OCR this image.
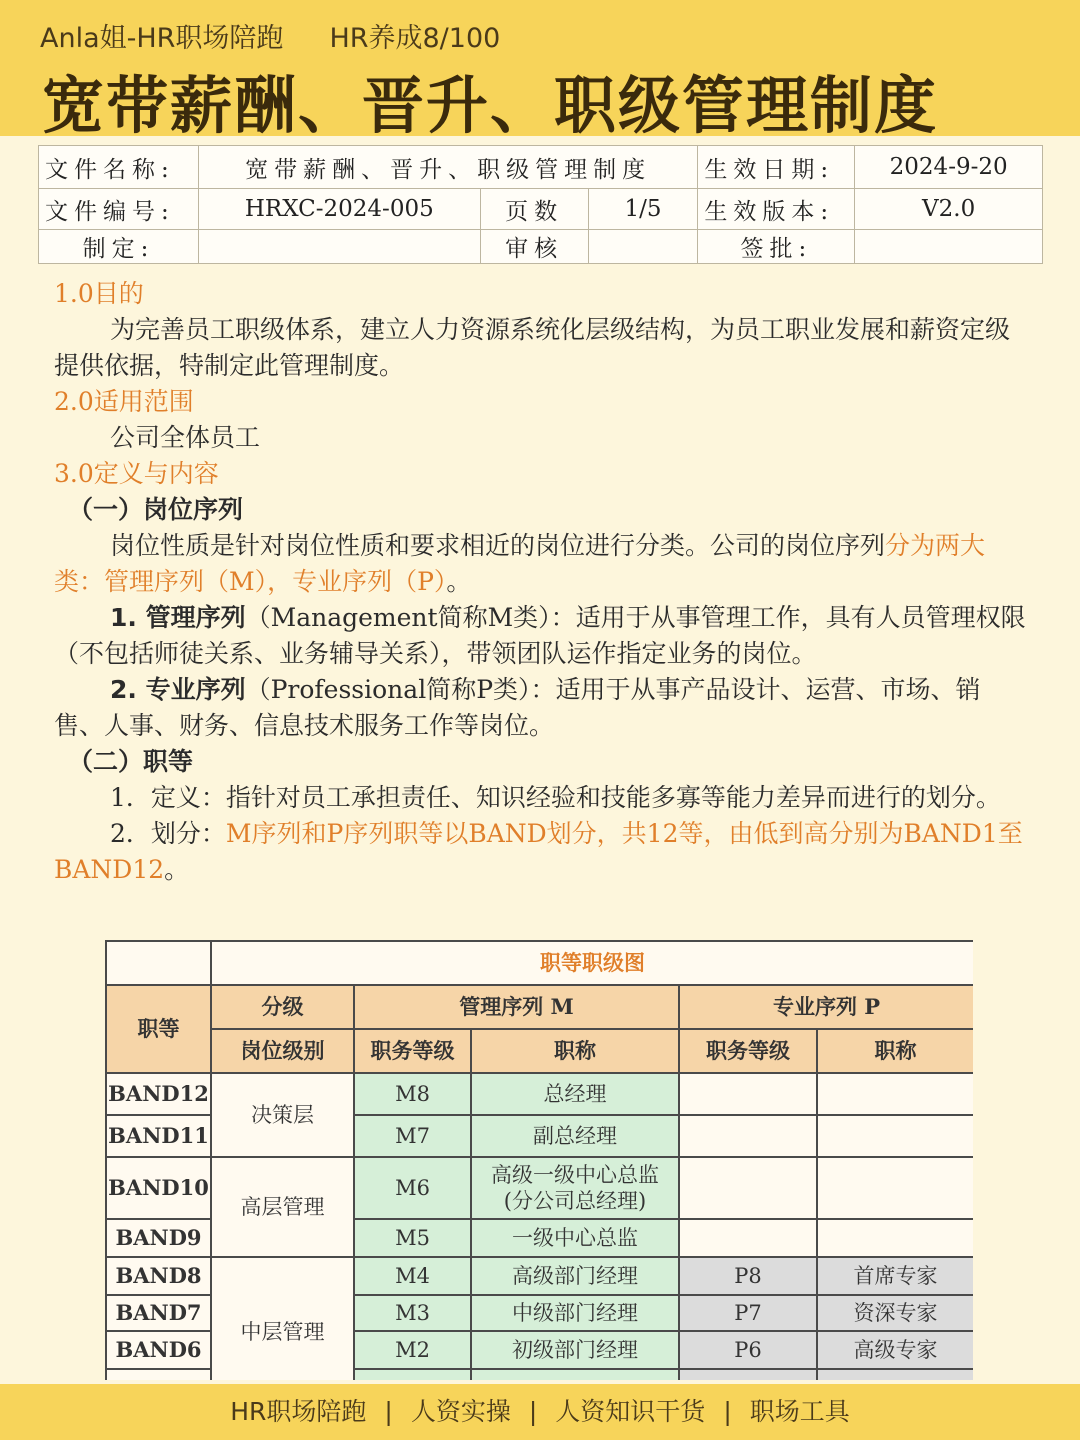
Anla姐-HR职场陪跑 HR养成8/100
宽带薪酬、晋升、职级管理制度
文件名称:	宽带薪酬、晋升、职级管理制度			生效日期:	2024-9-20
文件编号:	HRXC-2024-005	页数	1/5	生效版本:	V2.0
制定:		审核		签批:	

1.0目的

为完善员工职级体系，建立人力资源系统化层级结构，为员工职业发展和薪资定级提供依据，特制定此管理制度。

2.0适用范围

公司全体员工

3.0定义与内容

（一）岗位序列

岗位性质是针对岗位性质和要求相近的岗位进行分类。公司的岗位序列分为两大类：管理序列（M），专业序列（P）。

1. 管理序列（Management简称M类）：适用于从事管理工作，具有人员管理权限（不包括师徒关系、业务辅导关系），带领团队运作指定业务的岗位。

2. 专业序列（Professional简称P类）：适用于从事产品设计、运营、市场、销售、人事、财务、信息技术服务工作等岗位。

（二）职等

1．定义：指针对员工承担责任、知识经验和技能多寡等能力差异而进行的划分。

2．划分：M序列和P序列职等以BAND划分，共12等，由低到高分别为BAND1至BAND12。

	职等职级图				
职等	分级	管理序列 M		专业序列 P	
	岗位级别	职务等级	职称	职务等级	职称
BAND12	决策层	M8	总经理		
BAND11		M7	副总经理		
BAND10	高层管理	M6	高级一级中心总监
(分公司总经理)		

BAND9		M5	一级中心总监		
BAND8	中层管理	M4	高级部门经理	P8	首席专家
BAND7		M3	中级部门经理	P7	资深专家
BAND6		M2	初级部门经理	P6	高级专家

HR职场陪跑 | 人资实操 | 人资知识干货 | 职场工具
